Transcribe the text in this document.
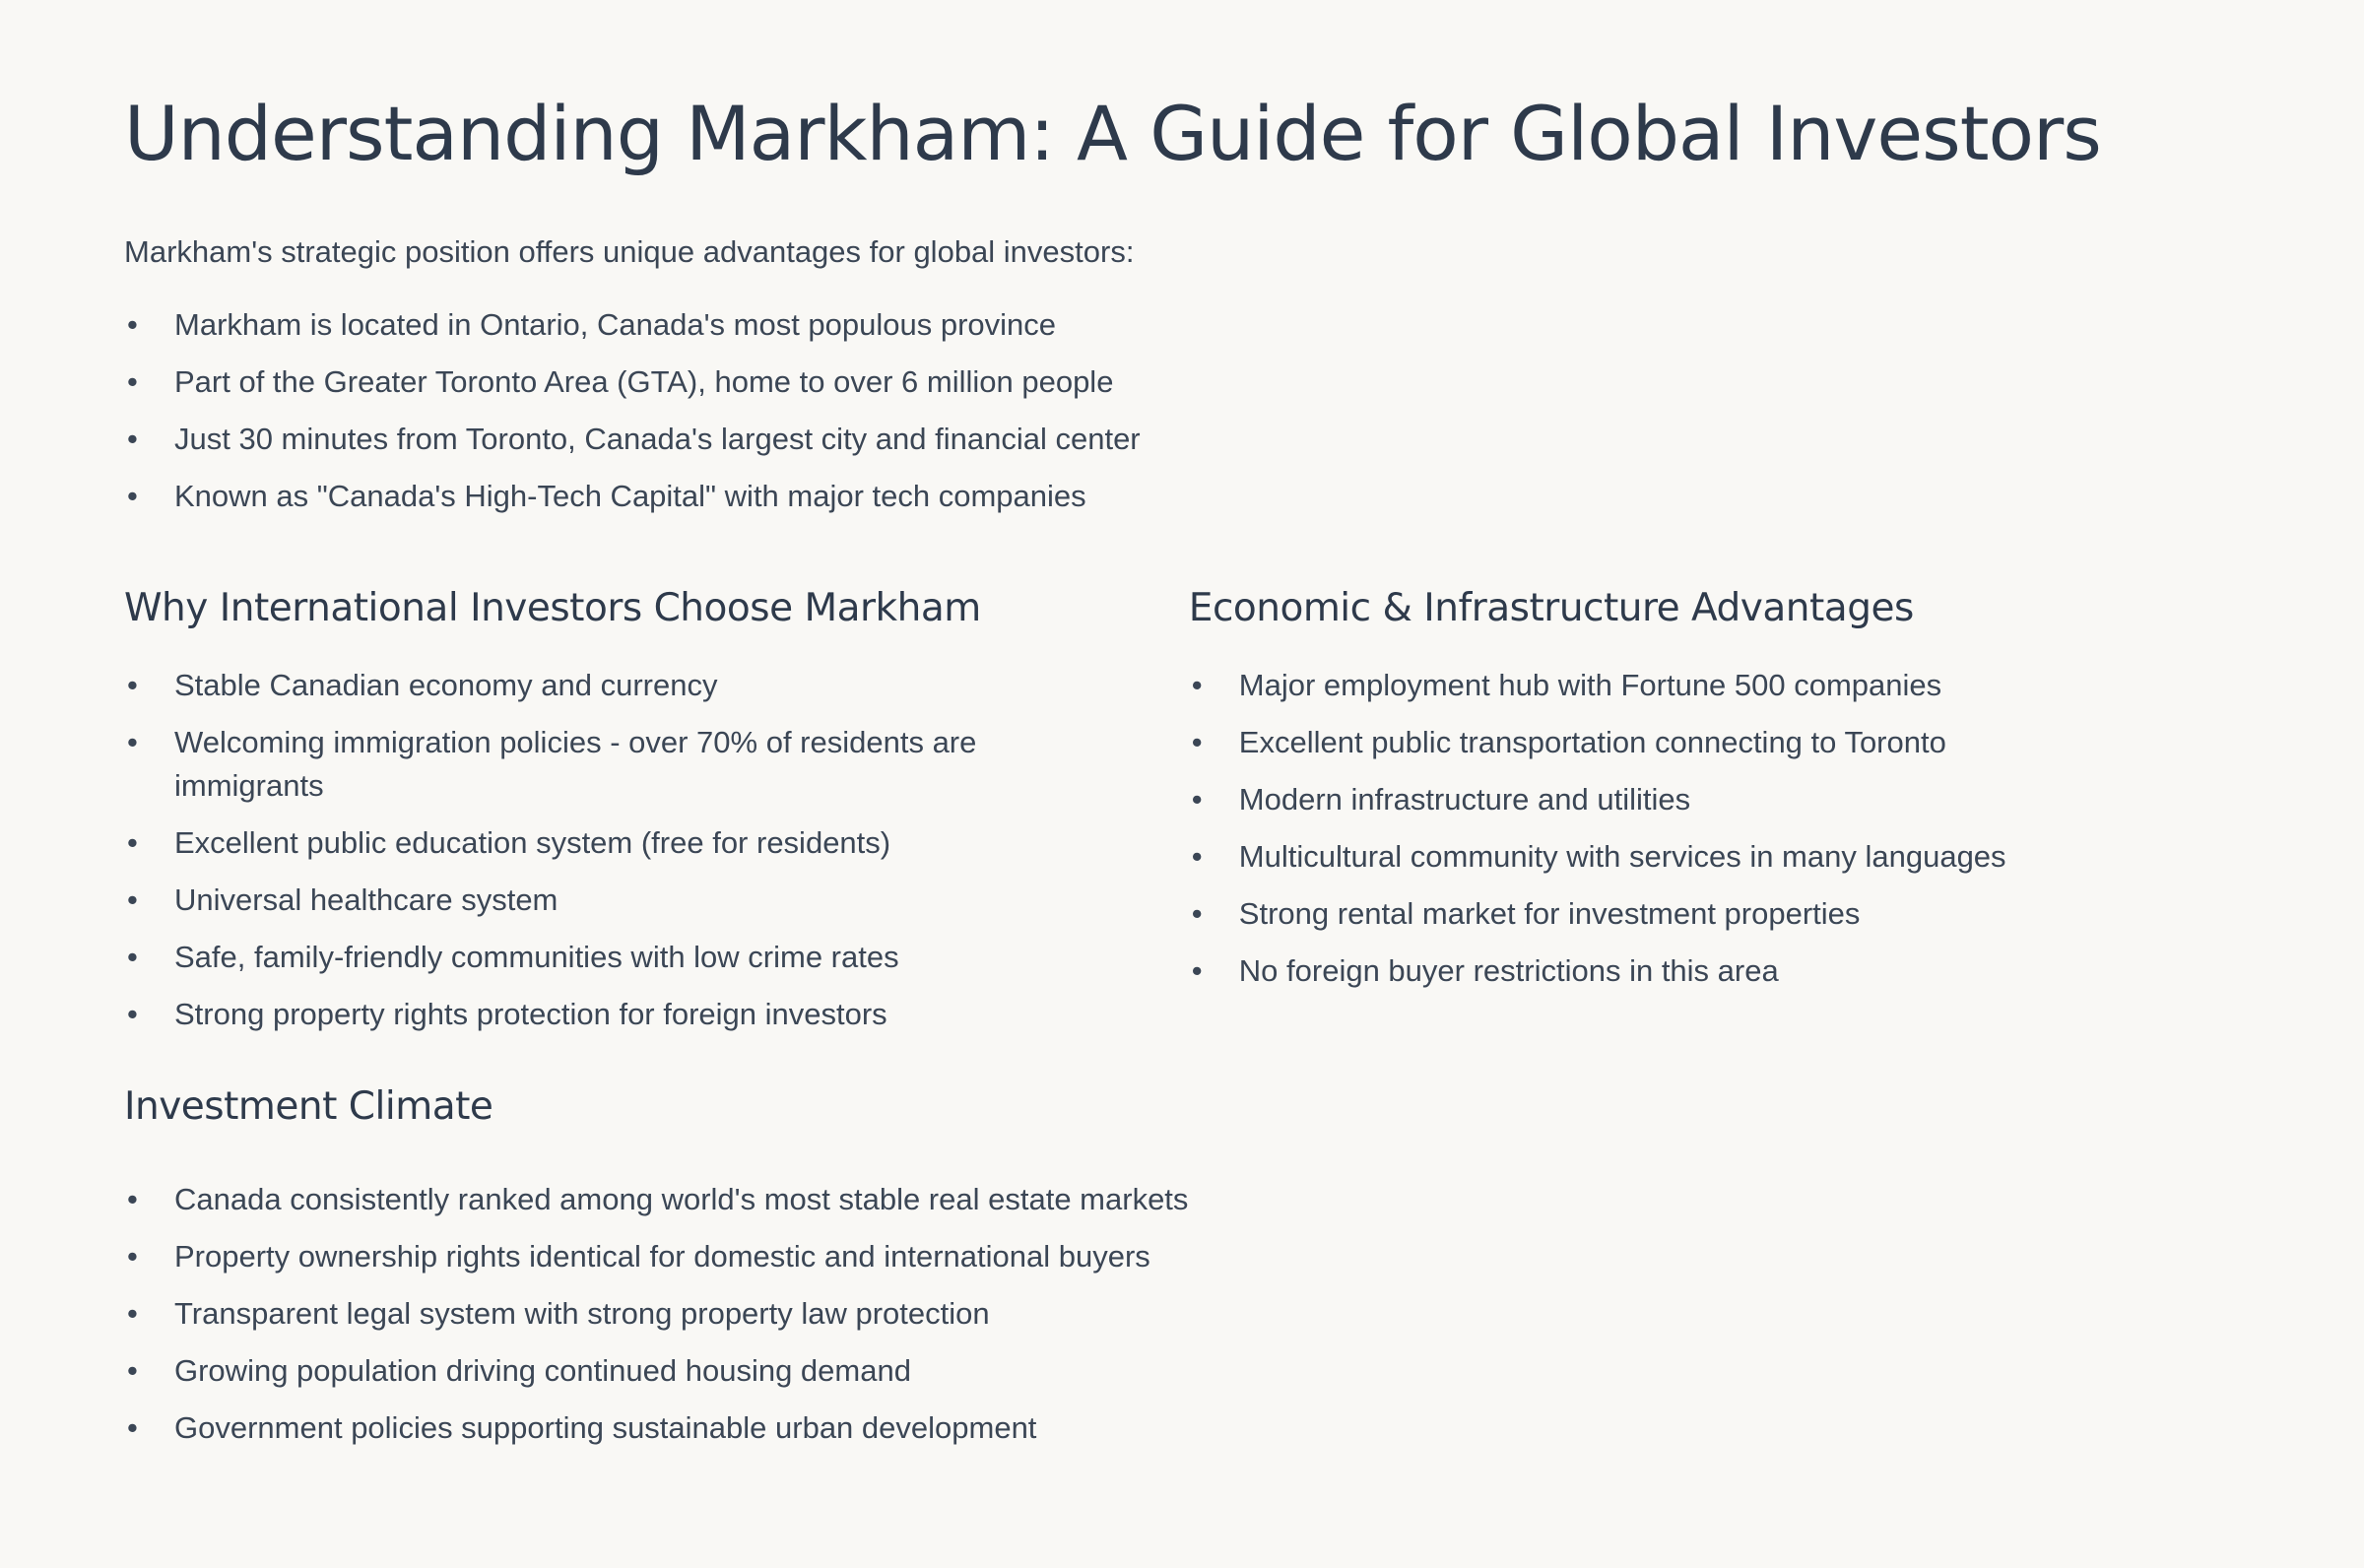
Understanding Markham: A Guide for Global Investors

Markham's strategic position offers unique advantages for global investors:

• Markham is located in Ontario, Canada's most populous province
• Part of the Greater Toronto Area (GTA), home to over 6 million people
• Just 30 minutes from Toronto, Canada's largest city and financial center
• Known as "Canada's High-Tech Capital" with major tech companies
Why International Investors Choose Markham
• Stable Canadian economy and currency
• Welcoming immigration policies - over 70% of residents are
immigrants
• Excellent public education system (free for residents)
• Universal healthcare system
• Safe, family-friendly communities with low crime rates
• Strong property rights protection for foreign investors
Investment Climate
• Canada consistently ranked among world's most stable real estate markets
• Property ownership rights identical for domestic and international buyers
• Transparent legal system with strong property law protection
• Growing population driving continued housing demand
• Government policies supporting sustainable urban development
Economic & Infrastructure Advantages
• Major employment hub with Fortune 500 companies
• Excellent public transportation connecting to Toronto
• Modern infrastructure and utilities
• Multicultural community with services in many languages
• Strong rental market for investment properties
• No foreign buyer restrictions in this area
